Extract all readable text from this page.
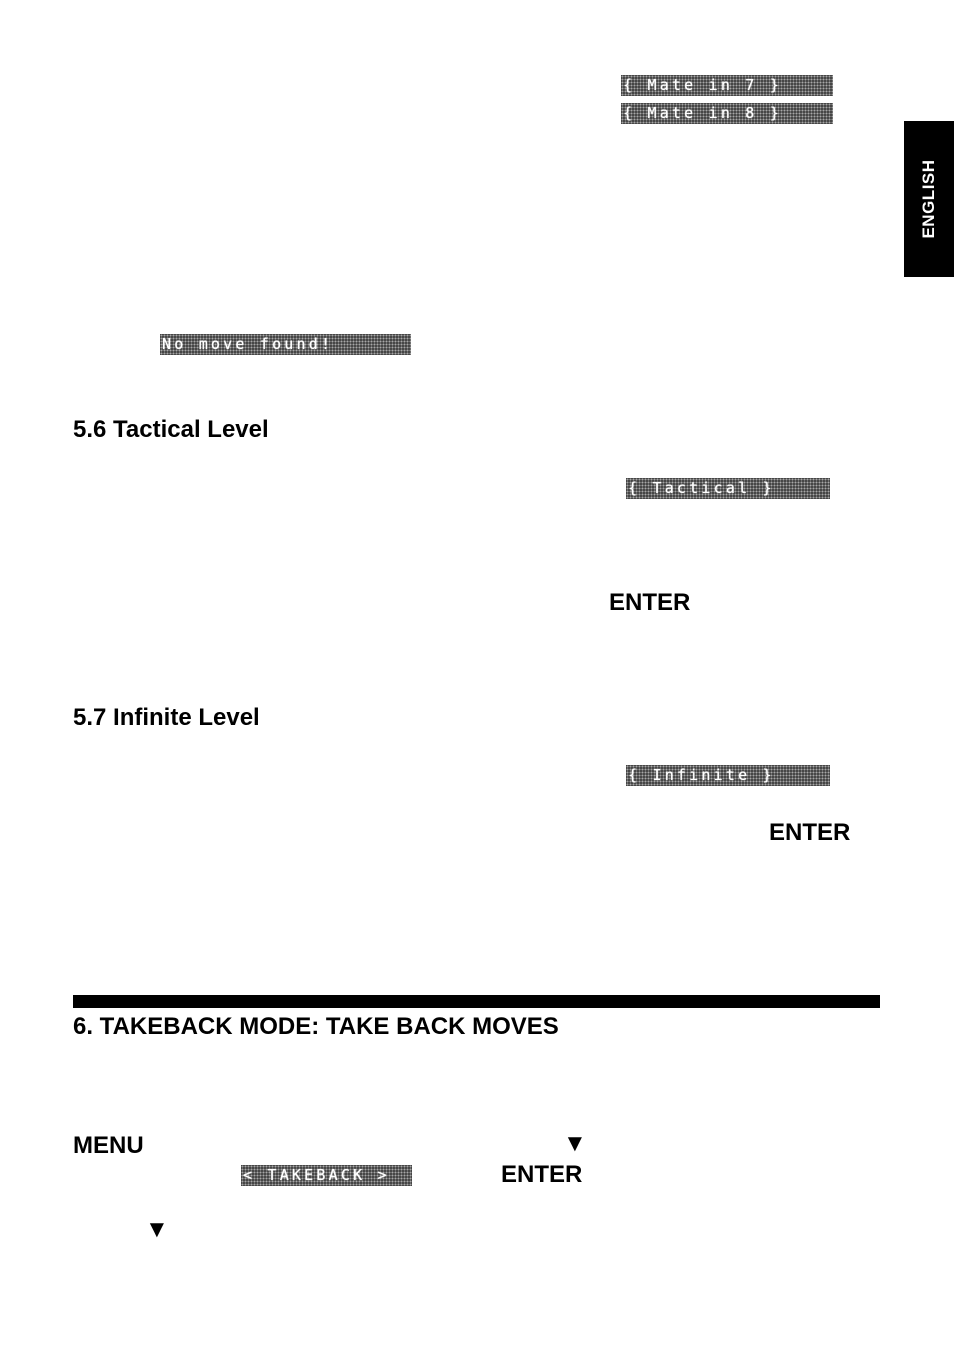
ENGLISH
{ Mate in 7 }
{ Mate in 8 }
No move found!
5.6 Tactical Level
{ Tactical }
ENTER
5.7 Infinite Level
{ Infinite }
ENTER
6. TAKEBACK MODE: TAKE BACK MOVES
MENU	▼
< TAKEBACK >	ENTER
▼
